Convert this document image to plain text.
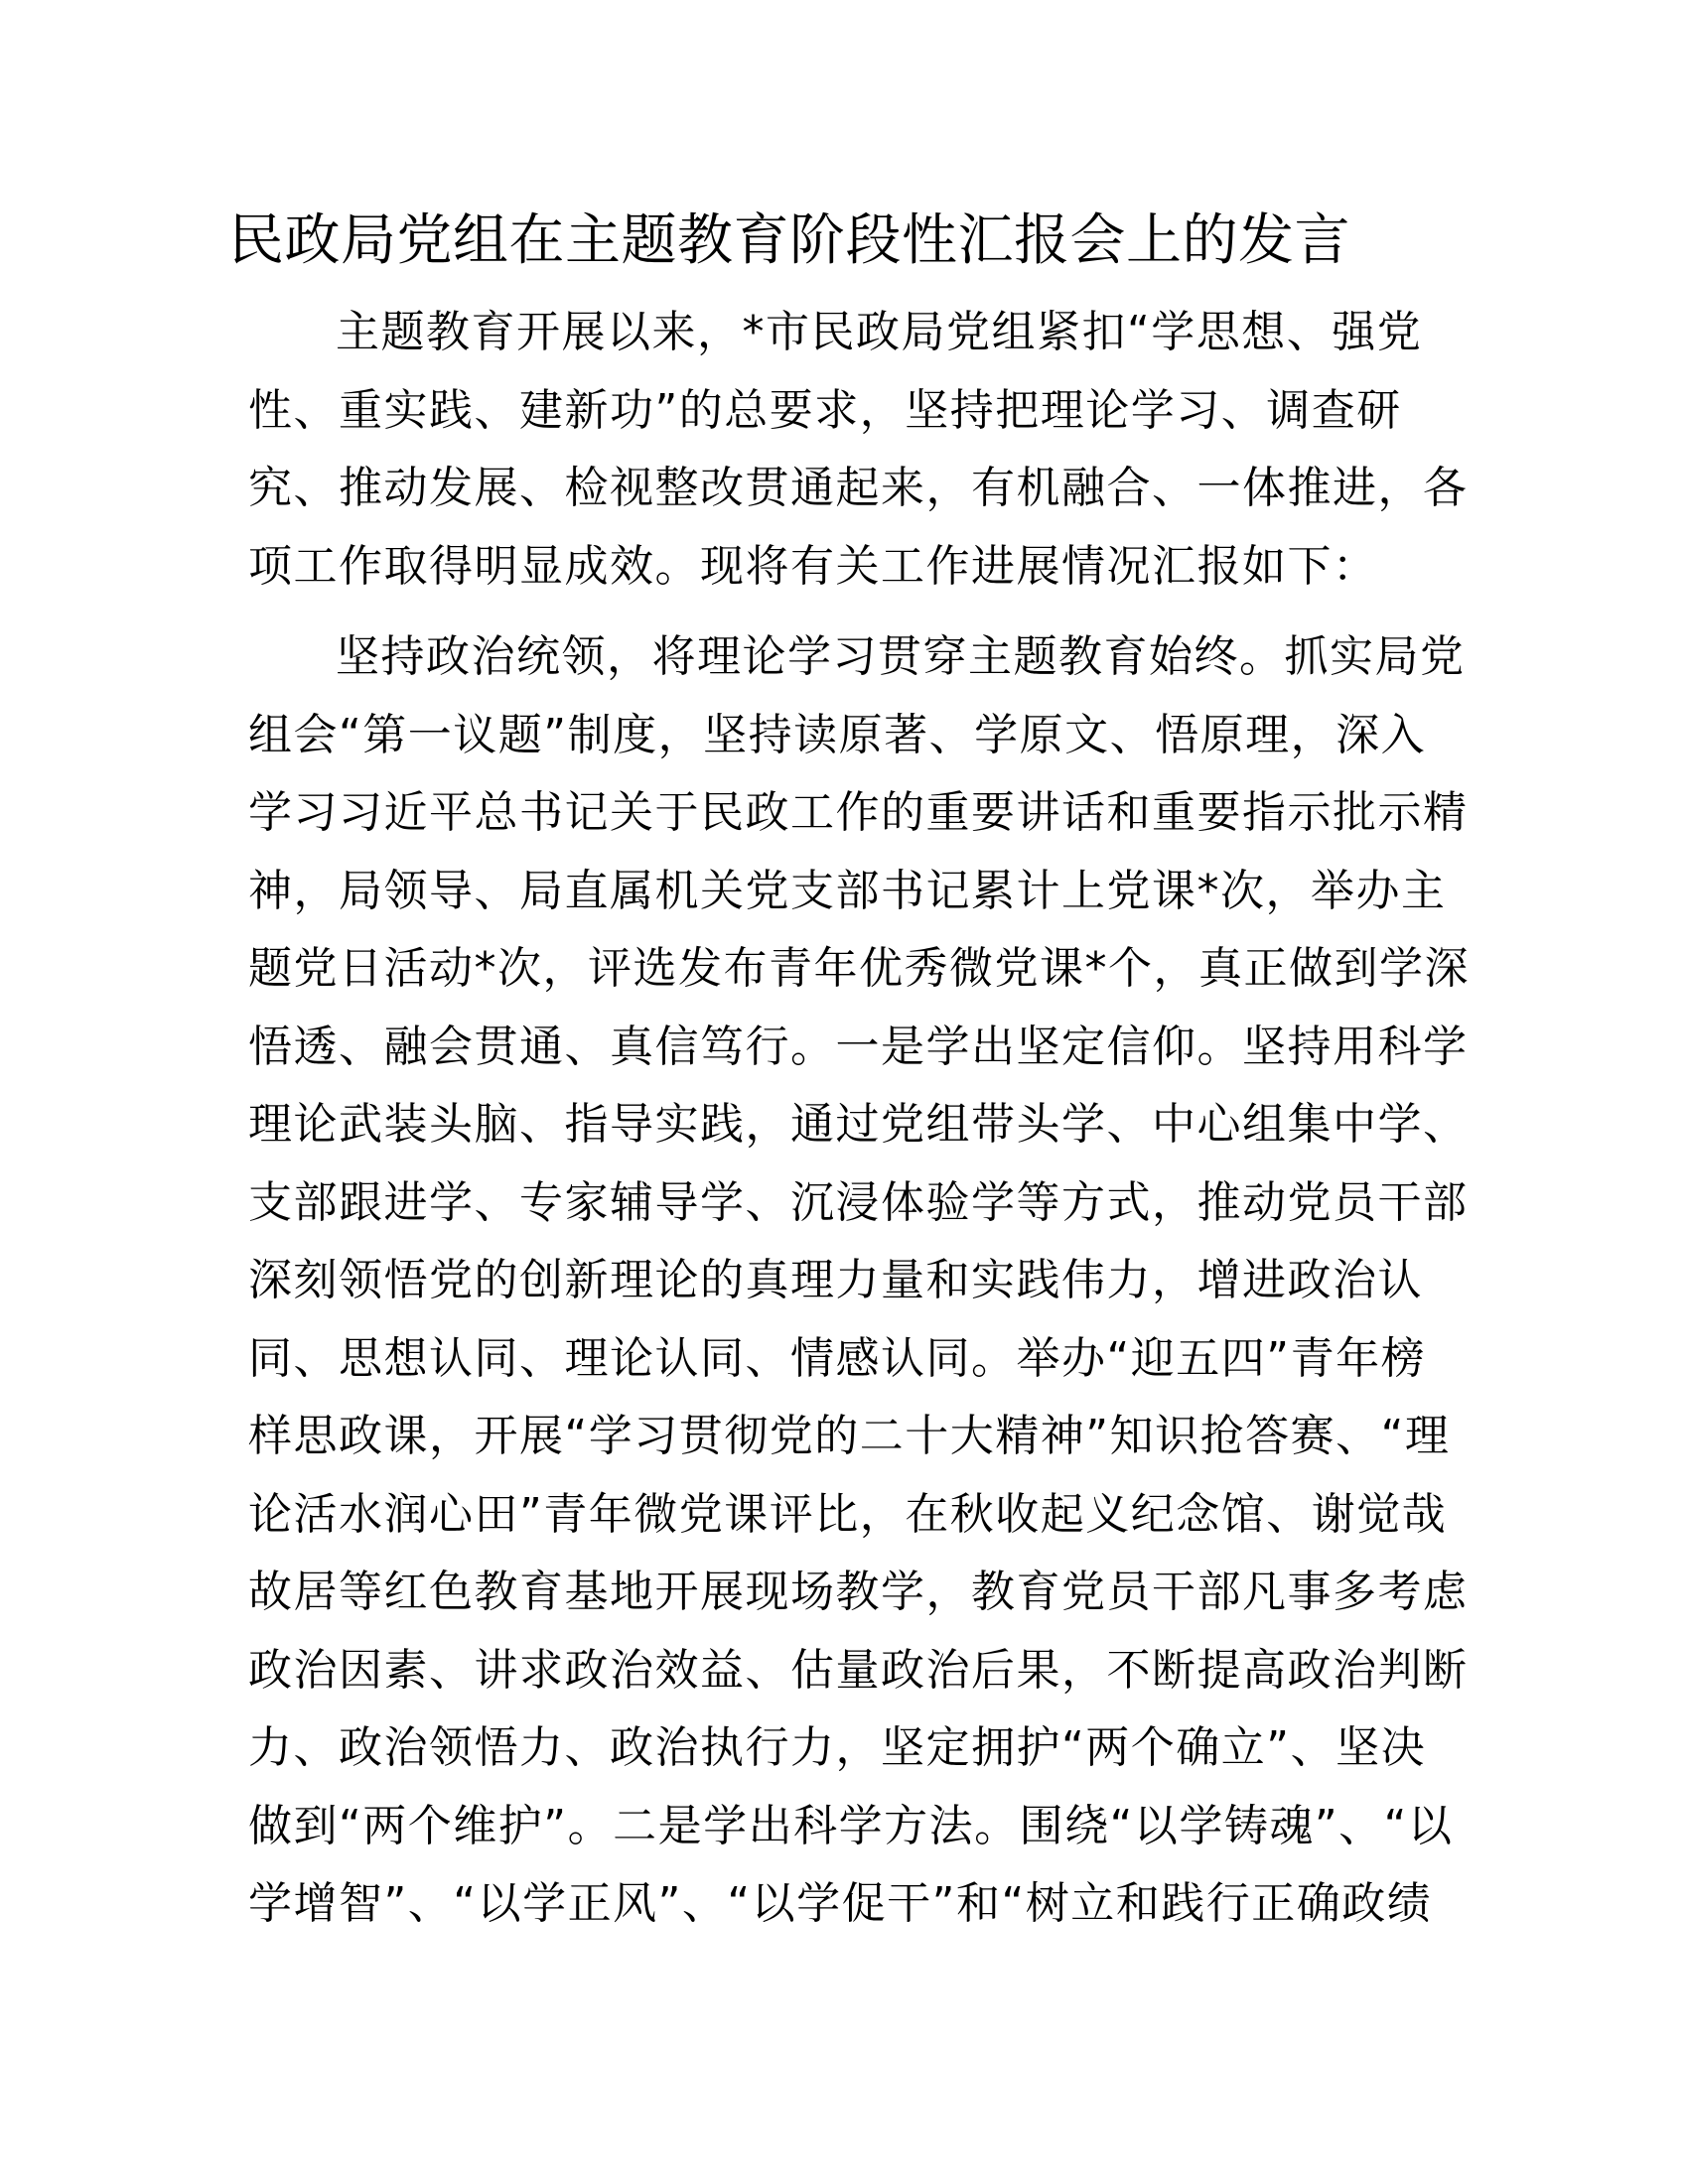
民政局党组在主题教育阶段性汇报会上的发言

主题教育开展以来，*市民政局党组紧扣“学思想、强党
性、重实践、建新功”的总要求，坚持把理论学习、调查研
究、推动发展、检视整改贯通起来，有机融合、一体推进，各
项工作取得明显成效。现将有关工作进展情况汇报如下：

坚持政治统领，将理论学习贯穿主题教育始终。抓实局党
组会“第一议题”制度，坚持读原著、学原文、悟原理，深入
学习习近平总书记关于民政工作的重要讲话和重要指示批示精
神，局领导、局直属机关党支部书记累计上党课*次，举办主
题党日活动*次，评选发布青年优秀微党课*个，真正做到学深
悟透、融会贯通、真信笃行。一是学出坚定信仰。坚持用科学
理论武装头脑、指导实践，通过党组带头学、中心组集中学、
支部跟进学、专家辅导学、沉浸体验学等方式，推动党员干部
深刻领悟党的创新理论的真理力量和实践伟力，增进政治认
同、思想认同、理论认同、情感认同。举办“迎五四”青年榜
样思政课，开展“学习贯彻党的二十大精神”知识抢答赛、“理
论活水润心田”青年微党课评比，在秋收起义纪念馆、谢觉哉
故居等红色教育基地开展现场教学，教育党员干部凡事多考虑
政治因素、讲求政治效益、估量政治后果，不断提高政治判断
力、政治领悟力、政治执行力，坚定拥护“两个确立”、坚决
做到“两个维护”。二是学出科学方法。围绕“以学铸魂”、“以
学增智”、“以学正风”、“以学促干”和“树立和践行正确政绩
